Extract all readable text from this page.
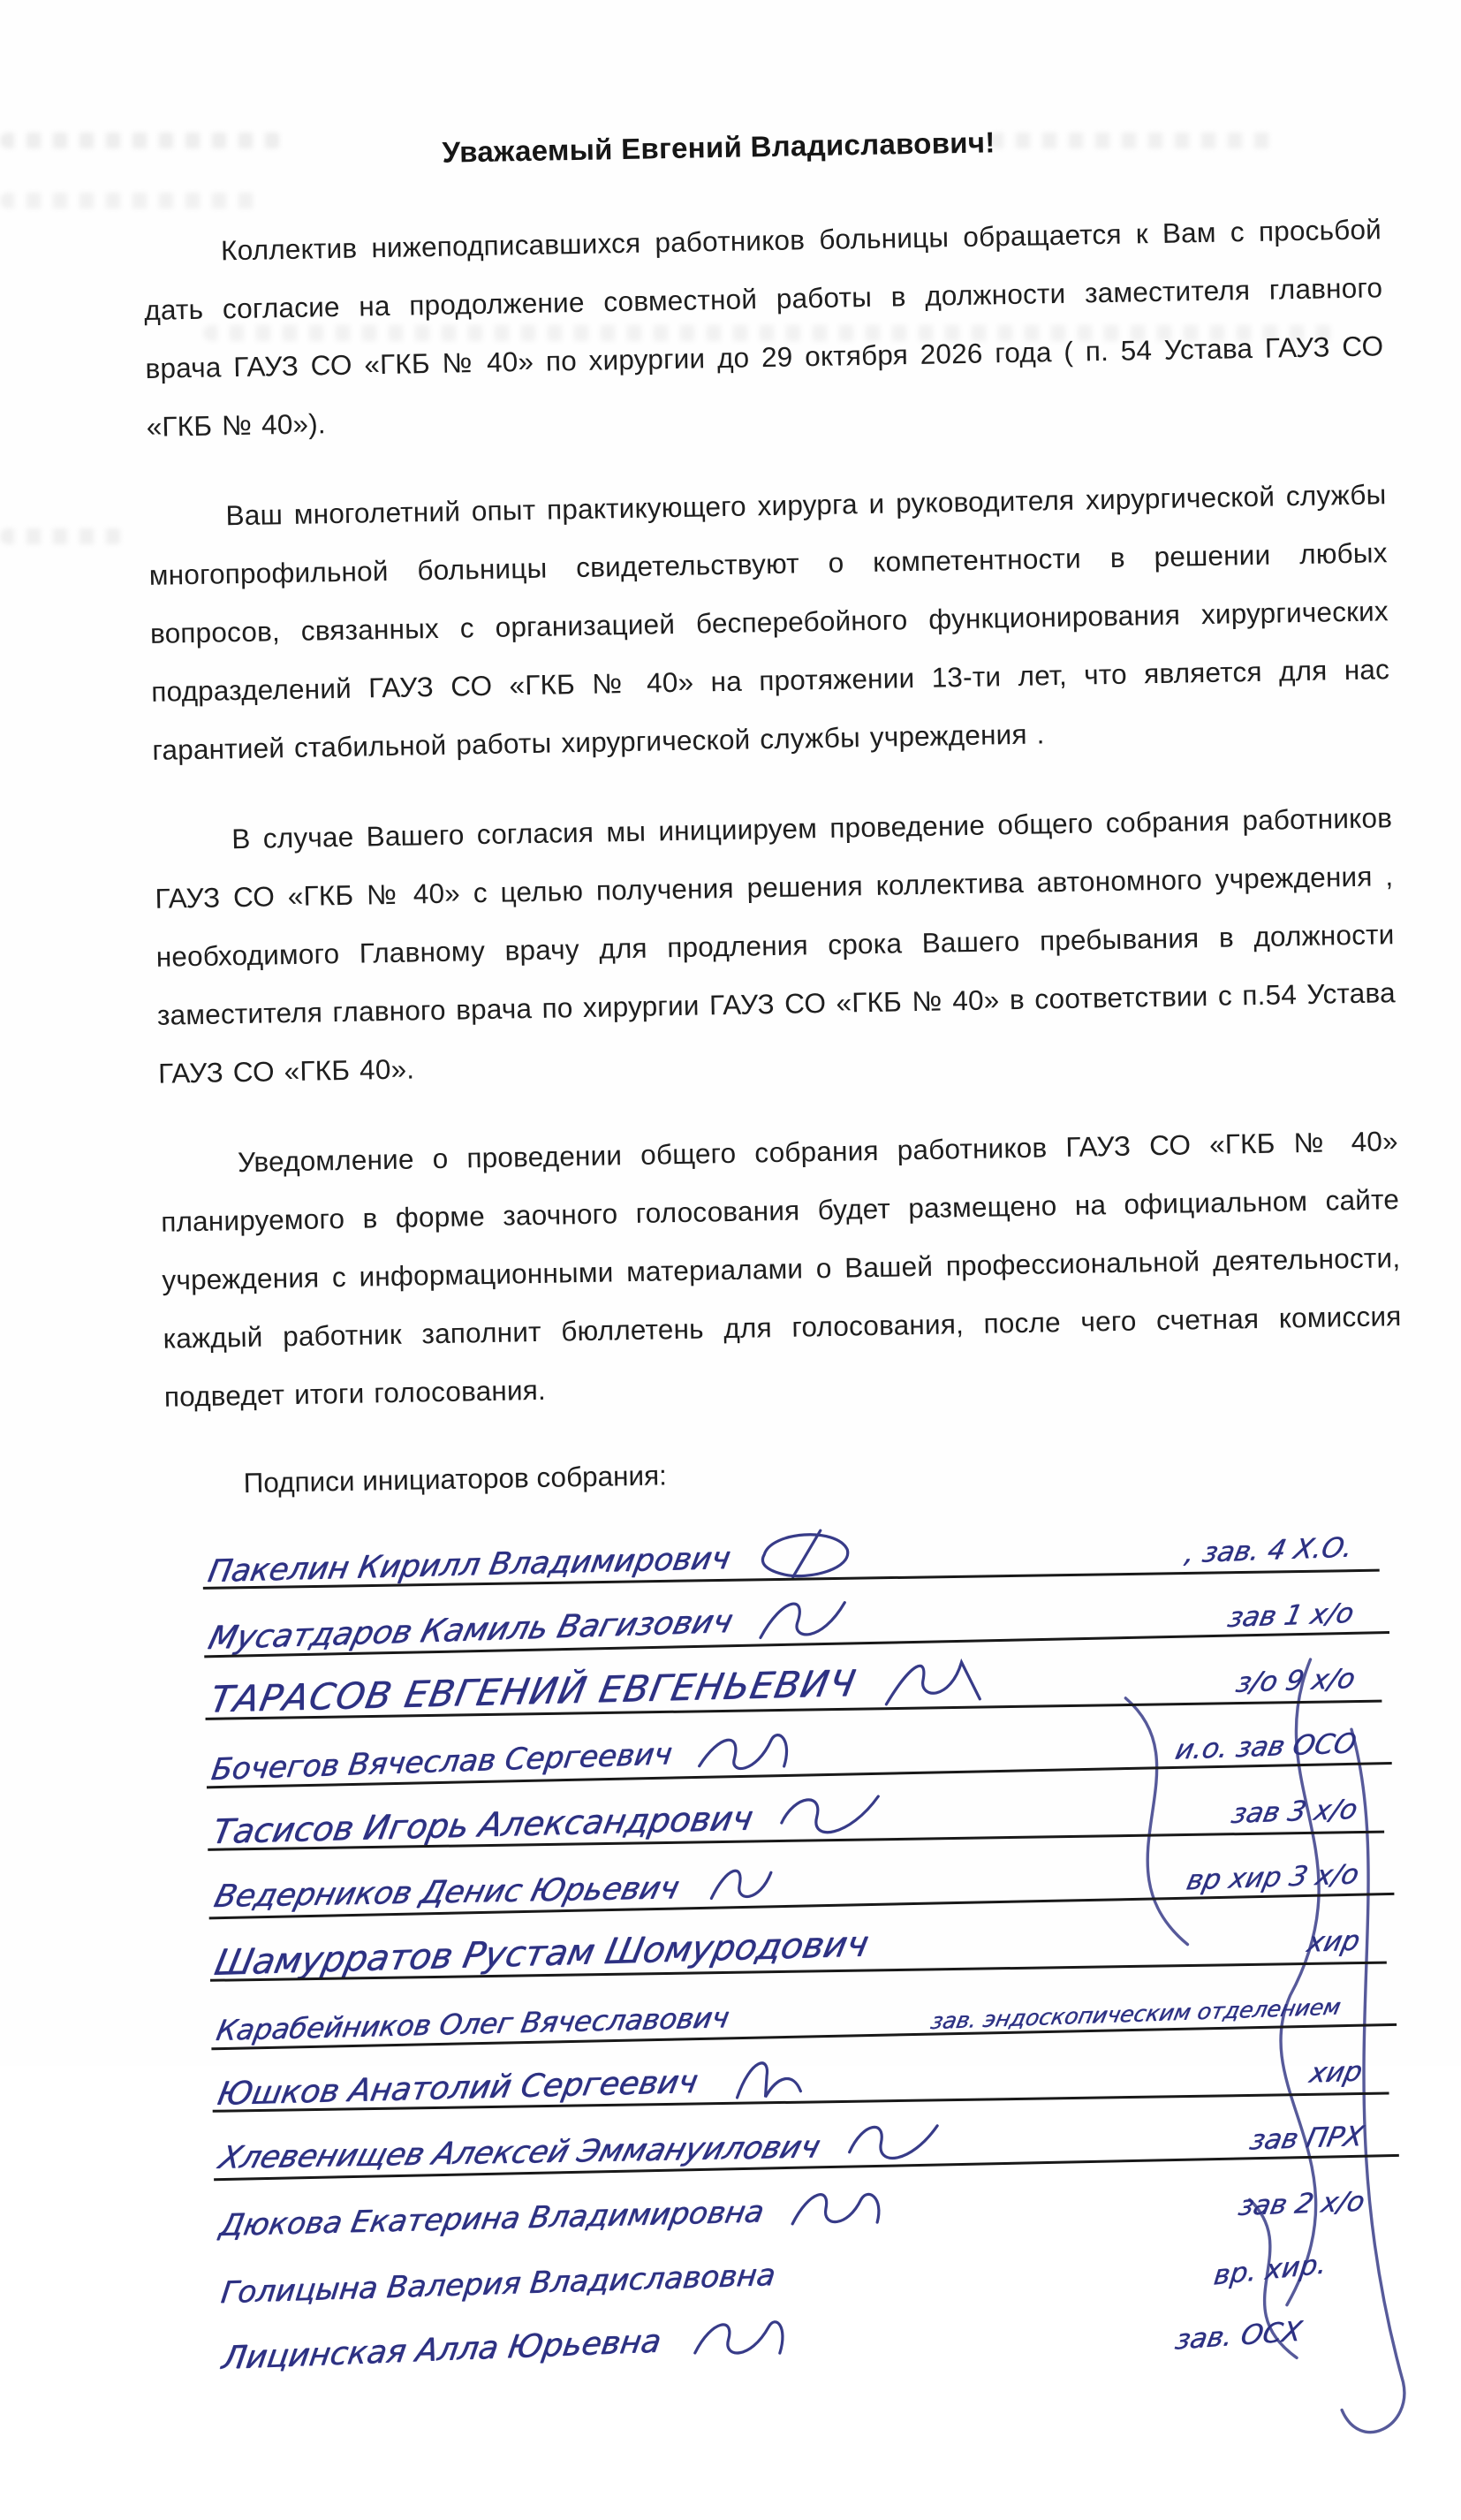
Уважаемый Евгений Владиславович!

Коллектив нижеподписавшихся работников больницы обращается к Вам с просьбой дать согласие на продолжение совместной работы в должности заместителя главного врача ГАУЗ СО «ГКБ № 40» по хирургии до 29 октября 2026 года ( п. 54 Устава ГАУЗ СО «ГКБ № 40»).

Ваш многолетний опыт практикующего хирурга и руководителя хирургической службы многопрофильной больницы свидетельствуют о компетентности в решении любых вопросов, связанных с организацией бесперебойного функционирования хирургических подразделений ГАУЗ СО «ГКБ № 40» на протяжении 13-ти лет, что является для нас гарантией стабильной работы хирургической службы учреждения .

В случае Вашего согласия мы инициируем проведение общего собрания работников ГАУЗ СО «ГКБ № 40» с целью получения решения коллектива автономного учреждения , необходимого Главному врачу для продления срока Вашего пребывания в должности заместителя главного врача по хирургии ГАУЗ СО «ГКБ № 40» в соответствии с п.54 Устава ГАУЗ СО «ГКБ 40».

Уведомление о проведении общего собрания работников ГАУЗ СО «ГКБ № 40» планируемого в форме заочного голосования будет размещено на официальном сайте учреждения с информационными материалами о Вашей профессиональной деятельности, каждый работник заполнит бюллетень для голосования, после чего счетная комиссия подведет итоги голосования.

Подписи инициаторов собрания:

Пакелин Кирилл Владимирович	, зав. 4 Х.О.
Мусатдаров Камиль Вагизович	зав 1 х/о
ТАРАСОВ ЕВГЕНИЙ ЕВГЕНЬЕВИЧ	з/о 9 х/о
Бочегов Вячеслав Сергеевич	и.о. зав ОСО
Тасисов Игорь Александрович	зав 3 х/о
Ведерников Денис Юрьевич	вр хир 3 х/о
Шамурратов Рустам Шомуродович	хир
Карабейников Олег Вячеславович	зав. эндоскопическим отделением
Юшков Анатолий Сергеевич	хир
Хлевенищев Алексей Эммануилович	зав ПРХ
Дюкова Екатерина Владимировна	зав 2 х/о
Голицына Валерия Владиславовна	вр. хир.
Лицинская Алла Юрьевна	зав. ОСХ
